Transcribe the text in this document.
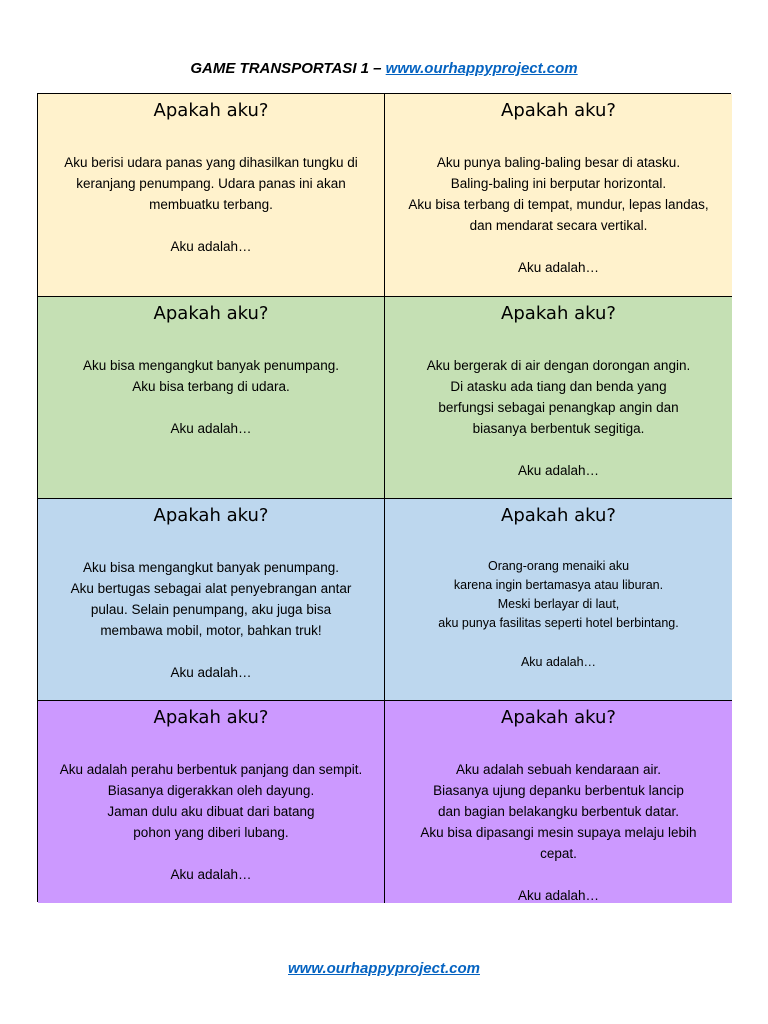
GAME TRANSPORTASI 1 – www.ourhappyproject.com
Apakah aku?
Aku berisi udara panas yang dihasilkan tungku di
keranjang penumpang. Udara panas ini akan
membuatku terbang.
Aku adalah…
Apakah aku?
Aku punya baling-baling besar di atasku.
Baling-baling ini berputar horizontal.
Aku bisa terbang di tempat, mundur, lepas landas,
dan mendarat secara vertikal.
Aku adalah…
Apakah aku?
Aku bisa mengangkut banyak penumpang.
Aku bisa terbang di udara.
Aku adalah…
Apakah aku?
Aku bergerak di air dengan dorongan angin.
Di atasku ada tiang dan benda yang
berfungsi sebagai penangkap angin dan
biasanya berbentuk segitiga.
Aku adalah…
Apakah aku?
Aku bisa mengangkut banyak penumpang.
Aku bertugas sebagai alat penyebrangan antar
pulau. Selain penumpang, aku juga bisa
membawa mobil, motor, bahkan truk!
Aku adalah…
Apakah aku?
Orang-orang menaiki aku
karena ingin bertamasya atau liburan.
Meski berlayar di laut,
aku punya fasilitas seperti hotel berbintang.
Aku adalah…
Apakah aku?
Aku adalah perahu berbentuk panjang dan sempit.
Biasanya digerakkan oleh dayung.
Jaman dulu aku dibuat dari batang
pohon yang diberi lubang.
Aku adalah…
Apakah aku?
Aku adalah sebuah kendaraan air.
Biasanya ujung depanku berbentuk lancip
dan bagian belakangku berbentuk datar.
Aku bisa dipasangi mesin supaya melaju lebih
cepat.
Aku adalah…
www.ourhappyproject.com
